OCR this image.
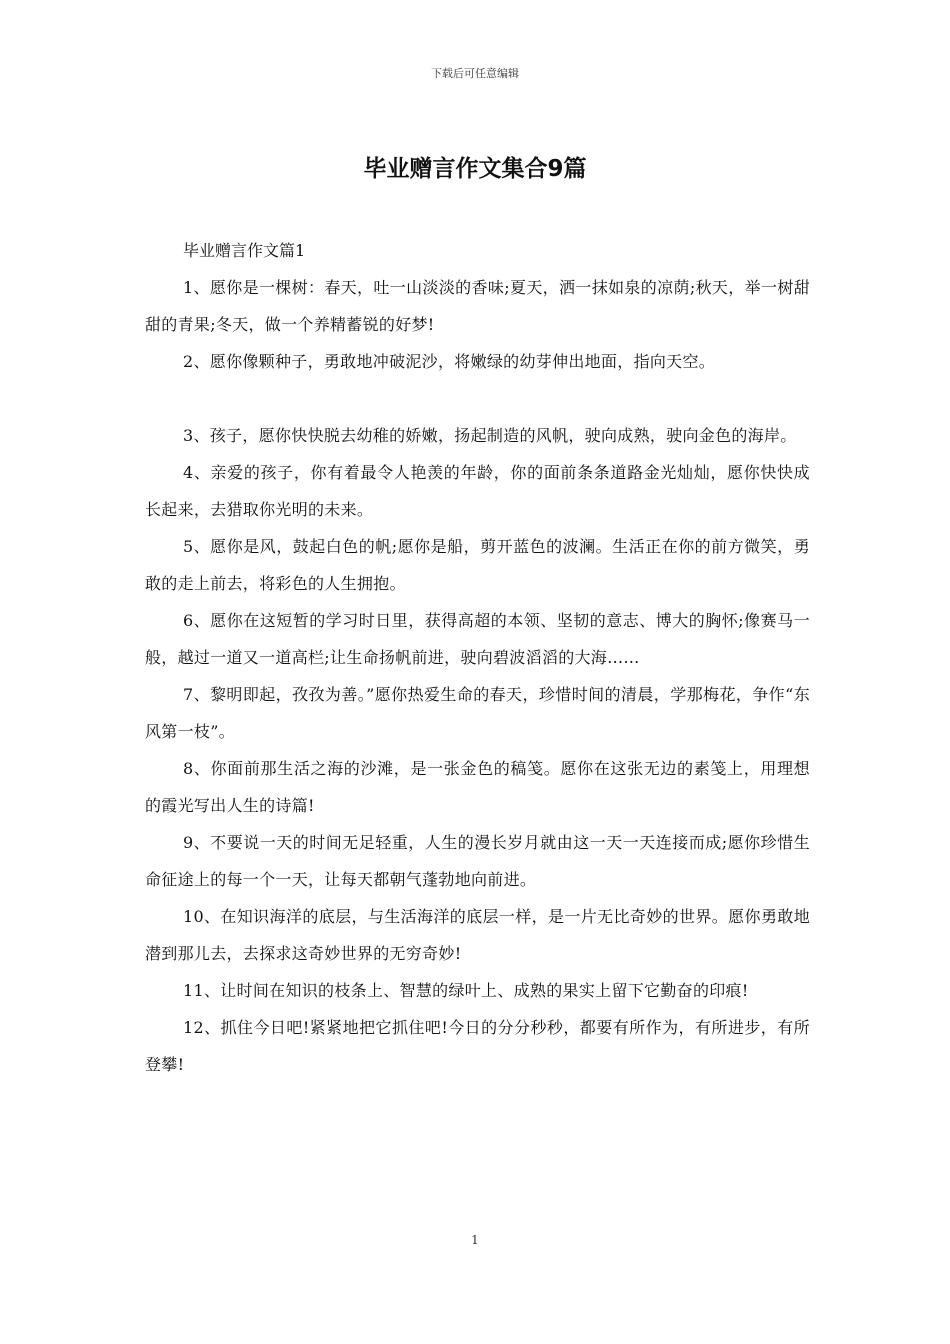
下载后可任意编辑
毕业赠言作文集合9篇

毕业赠言作文篇1

1、愿你是一棵树：春天，吐一山淡淡的香味;夏天，洒一抹如泉的凉荫;秋天，举一树甜甜的青果;冬天，做一个养精蓄锐的好梦!

2、愿你像颗种子，勇敢地冲破泥沙，将嫩绿的幼芽伸出地面，指向天空。

3、孩子，愿你快快脱去幼稚的娇嫩，扬起制造的风帆，驶向成熟，驶向金色的海岸。

4、亲爱的孩子，你有着最令人艳羡的年龄，你的面前条条道路金光灿灿，愿你快快成长起来，去猎取你光明的未来。

5、愿你是风，鼓起白色的帆;愿你是船，剪开蓝色的波澜。生活正在你的前方微笑，勇敢的走上前去，将彩色的人生拥抱。

6、愿你在这短暂的学习时日里，获得高超的本领、坚韧的意志、博大的胸怀;像赛马一般，越过一道又一道高栏;让生命扬帆前进，驶向碧波滔滔的大海……

7、黎明即起，孜孜为善。”愿你热爱生命的春天，珍惜时间的清晨，学那梅花，争作“东风第一枝”。

8、你面前那生活之海的沙滩，是一张金色的稿笺。愿你在这张无边的素笺上，用理想的霞光写出人生的诗篇!

9、不要说一天的时间无足轻重，人生的漫长岁月就由这一天一天连接而成;愿你珍惜生命征途上的每一个一天，让每天都朝气蓬勃地向前进。

10、在知识海洋的底层，与生活海洋的底层一样，是一片无比奇妙的世界。愿你勇敢地潜到那儿去，去探求这奇妙世界的无穷奇妙!

11、让时间在知识的枝条上、智慧的绿叶上、成熟的果实上留下它勤奋的印痕!

12、抓住今日吧!紧紧地把它抓住吧!今日的分分秒秒，都要有所作为，有所进步，有所登攀!

1
